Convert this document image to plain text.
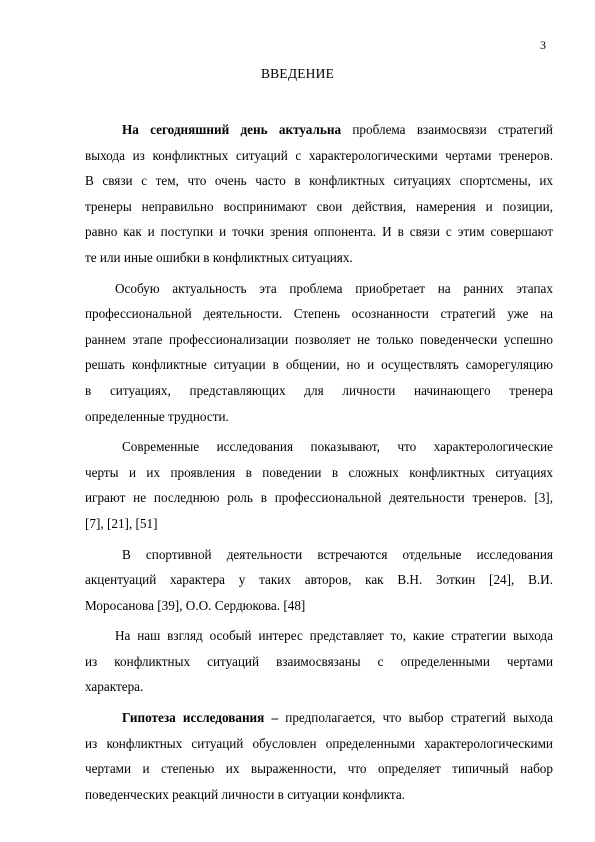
3
ВВЕДЕНИЕ
На сегодняшний день актуальна проблема взаимосвязи стратегий
выхода из конфликтных ситуаций с характерологическими чертами тренеров.
В связи с тем, что очень часто в конфликтных ситуациях спортсмены, их
тренеры неправильно воспринимают свои действия, намерения и позиции,
равно как и поступки и точки зрения оппонента. И в связи с этим совершают
те или иные ошибки в конфликтных ситуациях.
Особую актуальность эта проблема приобретает на ранних этапах
профессиональной деятельности. Степень осознанности стратегий уже на
раннем этапе профессионализации позволяет не только поведенчески успешно
решать конфликтные ситуации в общении, но и осуществлять саморегуляцию
в ситуациях, представляющих для личности начинающего тренера
определенные трудности.
Современные исследования показывают, что характерологические
черты и их проявления в поведении в сложных конфликтных ситуациях
играют не последнюю роль в профессиональной деятельности тренеров. [3],
[7], [21], [51]
В спортивной деятельности встречаются отдельные исследования
акцентуаций характера у таких авторов, как В.Н. Зоткин [24], В.И.
Моросанова [39], О.О. Сердюкова. [48]
На наш взгляд особый интерес представляет то, какие стратегии выхода
из конфликтных ситуаций взаимосвязаны с определенными чертами
характера.
Гипотеза исследования – предполагается, что выбор стратегий выхода
из конфликтных ситуаций обусловлен определенными характерологическими
чертами и степенью их выраженности, что определяет типичный набор
поведенческих реакций личности в ситуации конфликта.
